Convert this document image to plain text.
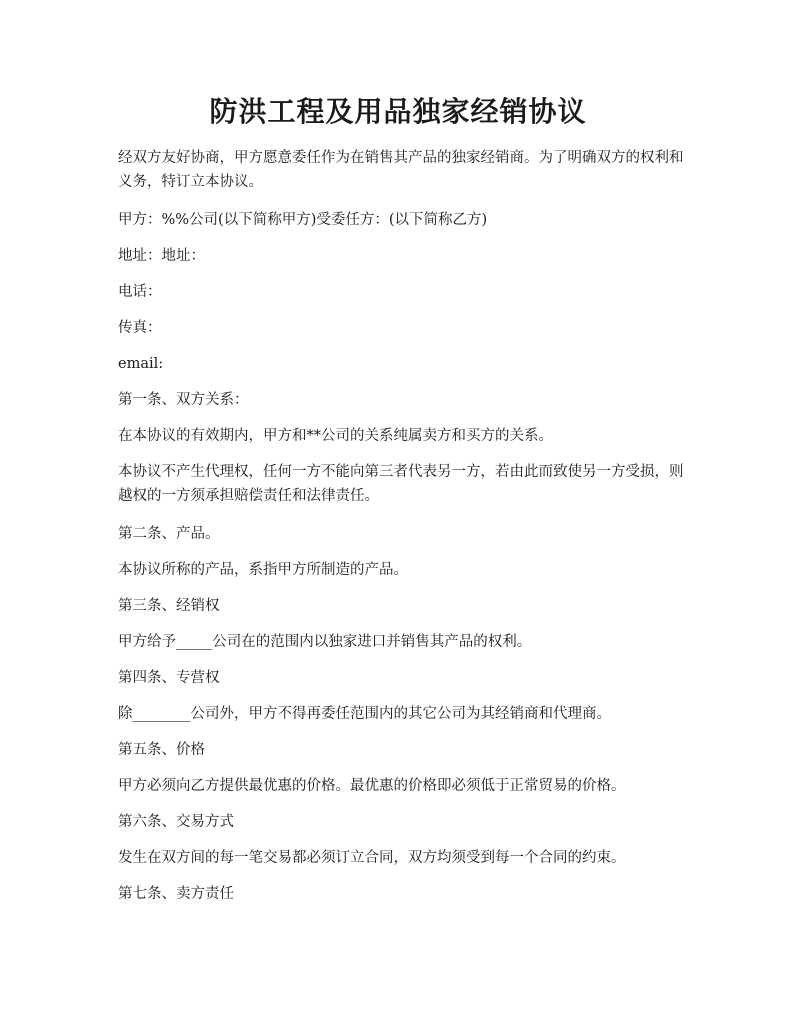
防洪工程及用品独家经销协议

经双方友好协商，甲方愿意委任作为在销售其产品的独家经销商。为了明确双方的权利和义务，特订立本协议。

甲方：%%公司(以下简称甲方)受委任方：(以下简称乙方)

地址：地址：

电话：

传真：

email:

第一条、双方关系：

在本协议的有效期内，甲方和**公司的关系纯属卖方和买方的关系。

本协议不产生代理权，任何一方不能向第三者代表另一方，若由此而致使另一方受损，则越权的一方须承担赔偿责任和法律责任。

第二条、产品。

本协议所称的产品，系指甲方所制造的产品。

第三条、经销权

甲方给予_____公司在的范围内以独家进口并销售其产品的权利。

第四条、专营权

除________公司外，甲方不得再委任范围内的其它公司为其经销商和代理商。

第五条、价格

甲方必须向乙方提供最优惠的价格。最优惠的价格即必须低于正常贸易的价格。

第六条、交易方式

发生在双方间的每一笔交易都必须订立合同，双方均须受到每一个合同的约束。

第七条、卖方责任
